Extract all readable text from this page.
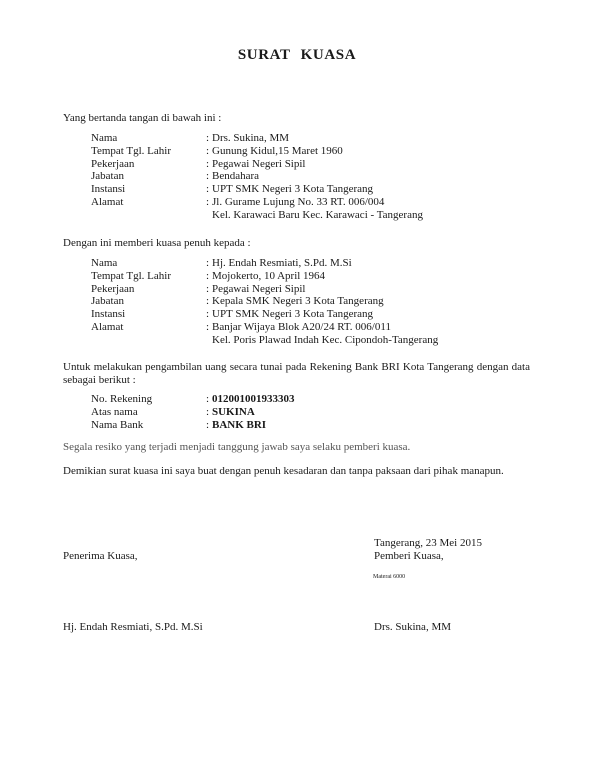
SURAT KUASA
Yang bertanda tangan di bawah ini :
Nama	: Drs. Sukina, MM
Tempat Tgl. Lahir	: Gunung Kidul,15 Maret 1960
Pekerjaan	: Pegawai Negeri Sipil
Jabatan	: Bendahara
Instansi	: UPT SMK Negeri 3 Kota Tangerang
Alamat	: Jl. Gurame Lujung No. 33 RT. 006/004
Kel. Karawaci Baru Kec. Karawaci - Tangerang
Dengan ini memberi kuasa penuh kepada :
Nama	: Hj. Endah Resmiati, S.Pd. M.Si
Tempat Tgl. Lahir	: Mojokerto, 10 April 1964
Pekerjaan	: Pegawai Negeri Sipil
Jabatan	: Kepala SMK Negeri 3 Kota Tangerang
Instansi	: UPT SMK Negeri 3 Kota Tangerang
Alamat	: Banjar Wijaya Blok A20/24 RT. 006/011
Kel. Poris Plawad Indah Kec. Cipondoh-Tangerang
Untuk melakukan pengambilan uang secara tunai pada Rekening Bank BRI Kota Tangerang dengan data sebagai berikut :
No. Rekening	: 012001001933303
Atas nama	: SUKINA
Nama Bank	: BANK BRI
Segala resiko yang terjadi menjadi tanggung jawab saya selaku pemberi kuasa.
Demikian surat kuasa ini saya buat dengan penuh kesadaran dan tanpa paksaan dari pihak manapun.
Tangerang, 23 Mei 2015
Penerima Kuasa,	Pemberi Kuasa,
Materai 6000
Hj. Endah Resmiati, S.Pd. M.Si	Drs. Sukina, MM
